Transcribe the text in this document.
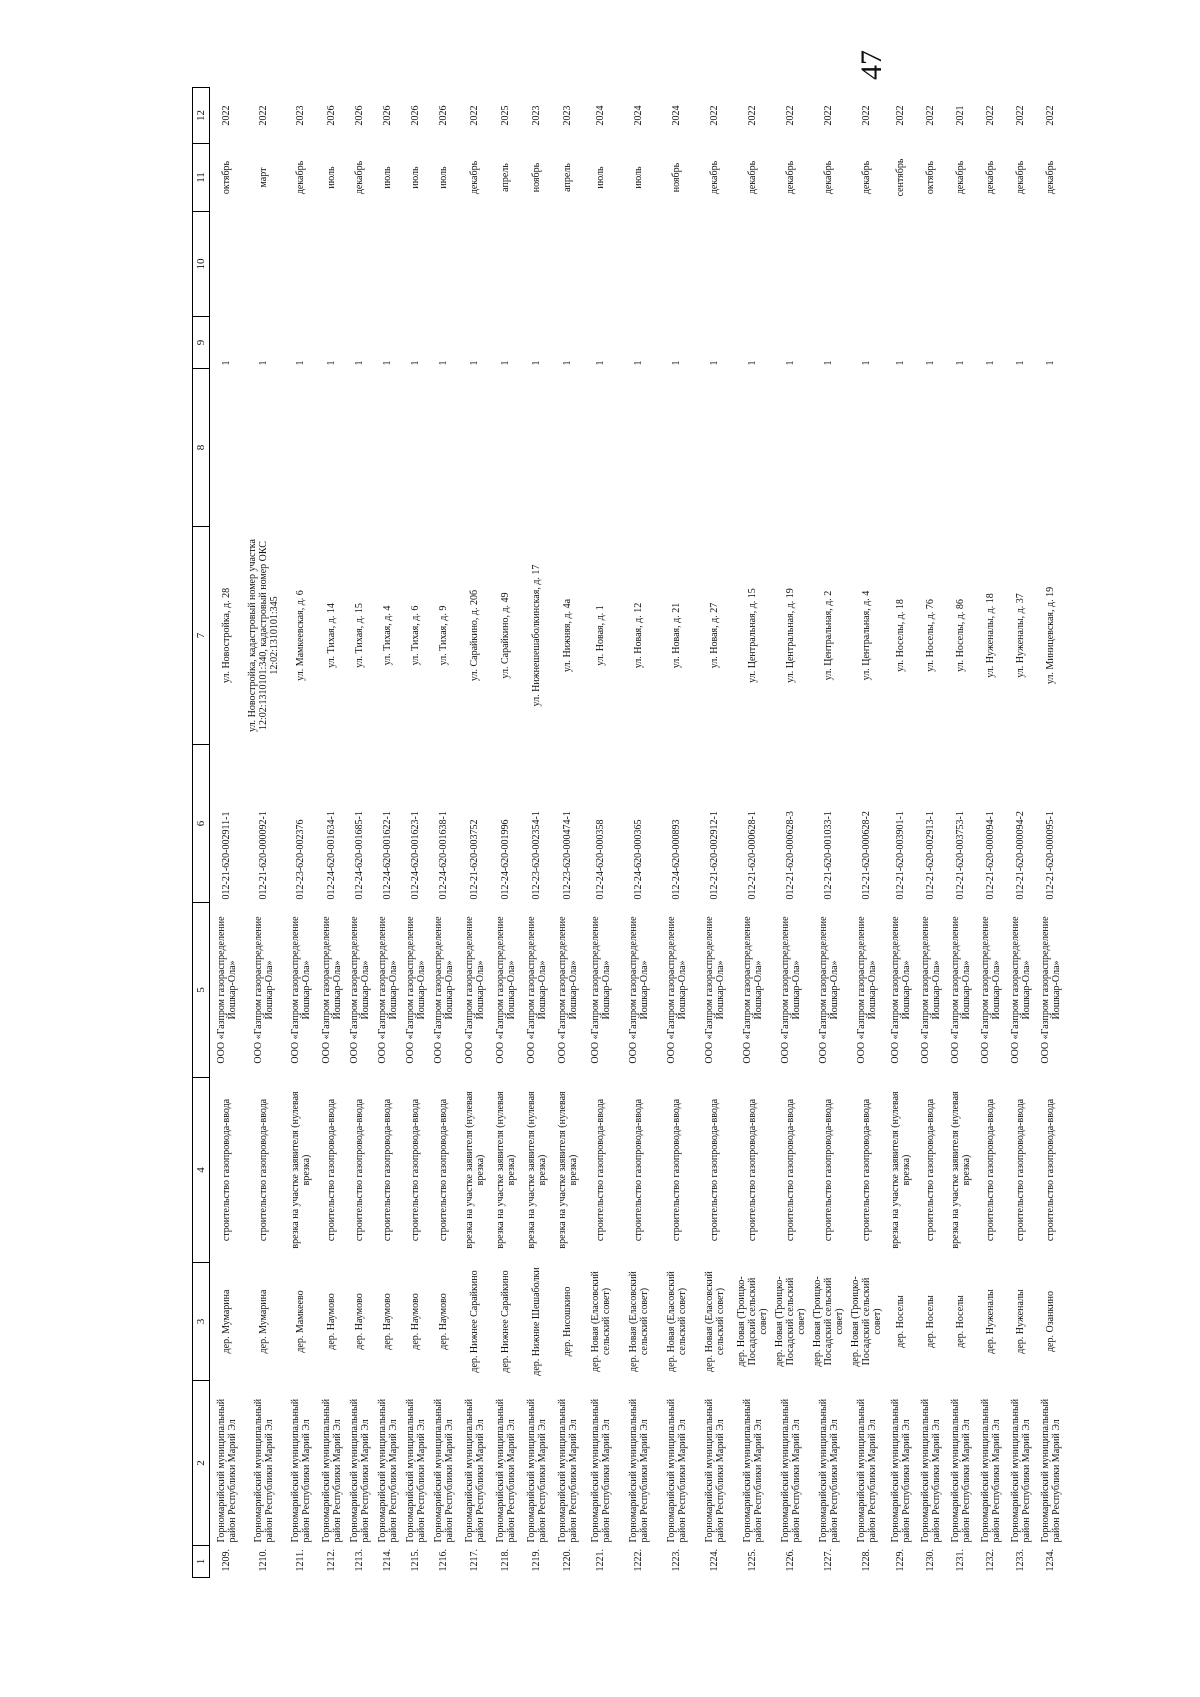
47
1	2	3	4	5	6	7	8	9	10	11	12
1209.	Горномарийский муниципальный район Республики Марий Эл	дер. Мумарина	строительство газопровода-ввода	ООО «Газпром газораспределение Йошкар-Ола»	012-21-620-002911-1	ул. Новостройка, д. 28		1		октябрь	2022
1210.	Горномарийский муниципальный район Республики Марий Эл	дер. Мумарина	строительство газопровода-ввода	ООО «Газпром газораспределение Йошкар-Ола»	012-21-620-000092-1	ул. Новостройка, кадастровый номер участка 12:02:1310101:340, кадастровый номер ОКС 12:02:1310101:345		1		март	2022
1211.	Горномарийский муниципальный район Республики Марий Эл	дер. Мамкеево	врезка на участке заявителя (нулевая врезка)	ООО «Газпром газораспределение Йошкар-Ола»	012-23-620-002376	ул. Мамкеевская, д. 6		1		декабрь	2023
1212.	Горномарийский муниципальный район Республики Марий Эл	дер. Наумово	строительство газопровода-ввода	ООО «Газпром газораспределение Йошкар-Ола»	012-24-620-001634-1	ул. Тихая, д. 14		1		июль	2026
1213.	Горномарийский муниципальный район Республики Марий Эл	дер. Наумово	строительство газопровода-ввода	ООО «Газпром газораспределение Йошкар-Ола»	012-24-620-001685-1	ул. Тихая, д. 15		1		декабрь	2026
1214.	Горномарийский муниципальный район Республики Марий Эл	дер. Наумово	строительство газопровода-ввода	ООО «Газпром газораспределение Йошкар-Ола»	012-24-620-001622-1	ул. Тихая, д. 4		1		июль	2026
1215.	Горномарийский муниципальный район Республики Марий Эл	дер. Наумово	строительство газопровода-ввода	ООО «Газпром газораспределение Йошкар-Ола»	012-24-620-001623-1	ул. Тихая, д. 6		1		июль	2026
1216.	Горномарийский муниципальный район Республики Марий Эл	дер. Наумово	строительство газопровода-ввода	ООО «Газпром газораспределение Йошкар-Ола»	012-24-620-001638-1	ул. Тихая, д. 9		1		июль	2026
1217.	Горномарийский муниципальный район Республики Марий Эл	дер. Нижнее Сарайкино	врезка на участке заявителя (нулевая врезка)	ООО «Газпром газораспределение Йошкар-Ола»	012-21-620-003752	ул. Сарайкино, д. 20б		1		декабрь	2022
1218.	Горномарийский муниципальный район Республики Марий Эл	дер. Нижнее Сарайкино	врезка на участке заявителя (нулевая врезка)	ООО «Газпром газораспределение Йошкар-Ола»	012-24-620-001996	ул. Сарайкино, д. 49		1		апрель	2025
1219.	Горномарийский муниципальный район Республики Марий Эл	дер. Нижние Шешаболки	врезка на участке заявителя (нулевая врезка)	ООО «Газпром газораспределение Йошкар-Ола»	012-23-620-002354-1	ул. Нижнешешаболкинская, д. 17		1		ноябрь	2023
1220.	Горномарийский муниципальный район Республики Марий Эл	дер. Нисошкино	врезка на участке заявителя (нулевая врезка)	ООО «Газпром газораспределение Йошкар-Ола»	012-23-620-000474-1	ул. Нижняя, д. 4а		1		апрель	2023
1221.	Горномарийский муниципальный район Республики Марий Эл	дер. Новая (Еласовский сельский совет)	строительство газопровода-ввода	ООО «Газпром газораспределение Йошкар-Ола»	012-24-620-000358	ул. Новая, д. 1		1		июль	2024
1222.	Горномарийский муниципальный район Республики Марий Эл	дер. Новая (Еласовский сельский совет)	строительство газопровода-ввода	ООО «Газпром газораспределение Йошкар-Ола»	012-24-620-000365	ул. Новая, д. 12		1		июль	2024
1223.	Горномарийский муниципальный район Республики Марий Эл	дер. Новая (Еласовский сельский совет)	строительство газопровода-ввода	ООО «Газпром газораспределение Йошкар-Ола»	012-24-620-000893	ул. Новая, д. 21		1		ноябрь	2024
1224.	Горномарийский муниципальный район Республики Марий Эл	дер. Новая (Еласовский сельский совет)	строительство газопровода-ввода	ООО «Газпром газораспределение Йошкар-Ола»	012-21-620-002912-1	ул. Новая, д. 27		1		декабрь	2022
1225.	Горномарийский муниципальный район Республики Марий Эл	дер. Новая (Троицко-Посадский сельский совет)	строительство газопровода-ввода	ООО «Газпром газораспределение Йошкар-Ола»	012-21-620-000628-1	ул. Центральная, д. 15		1		декабрь	2022
1226.	Горномарийский муниципальный район Республики Марий Эл	дер. Новая (Троицко-Посадский сельский совет)	строительство газопровода-ввода	ООО «Газпром газораспределение Йошкар-Ола»	012-21-620-000628-3	ул. Центральная, д. 19		1		декабрь	2022
1227.	Горномарийский муниципальный район Республики Марий Эл	дер. Новая (Троицко-Посадский сельский совет)	строительство газопровода-ввода	ООО «Газпром газораспределение Йошкар-Ола»	012-21-620-001033-1	ул. Центральная, д. 2		1		декабрь	2022
1228.	Горномарийский муниципальный район Республики Марий Эл	дер. Новая (Троицко-Посадский сельский совет)	строительство газопровода-ввода	ООО «Газпром газораспределение Йошкар-Ола»	012-21-620-000628-2	ул. Центральная, д. 4		1		декабрь	2022
1229.	Горномарийский муниципальный район Республики Марий Эл	дер. Носелы	врезка на участке заявителя (нулевая врезка)	ООО «Газпром газораспределение Йошкар-Ола»	012-21-620-003901-1	ул. Носелы, д. 18		1		сентябрь	2022
1230.	Горномарийский муниципальный район Республики Марий Эл	дер. Носелы	строительство газопровода-ввода	ООО «Газпром газораспределение Йошкар-Ола»	012-21-620-002913-1	ул. Носелы, д. 76		1		октябрь	2022
1231.	Горномарийский муниципальный район Республики Марий Эл	дер. Носелы	врезка на участке заявителя (нулевая врезка)	ООО «Газпром газораспределение Йошкар-Ола»	012-21-620-003753-1	ул. Носелы, д. 86		1		декабрь	2021
1232.	Горномарийский муниципальный район Республики Марий Эл	дер. Нуженалы	строительство газопровода-ввода	ООО «Газпром газораспределение Йошкар-Ола»	012-21-620-000094-1	ул. Нуженалы, д. 18		1		декабрь	2022
1233.	Горномарийский муниципальный район Республики Марий Эл	дер. Нуженалы	строительство газопровода-ввода	ООО «Газпром газораспределение Йошкар-Ола»	012-21-620-000094-2	ул. Нуженалы, д. 37		1		декабрь	2022
1234.	Горномарийский муниципальный район Республики Марий Эл	дер. Озанкино	строительство газопровода-ввода	ООО «Газпром газораспределение Йошкар-Ола»	012-21-620-000095-1	ул. Миницевская, д. 19		1		декабрь	2022
